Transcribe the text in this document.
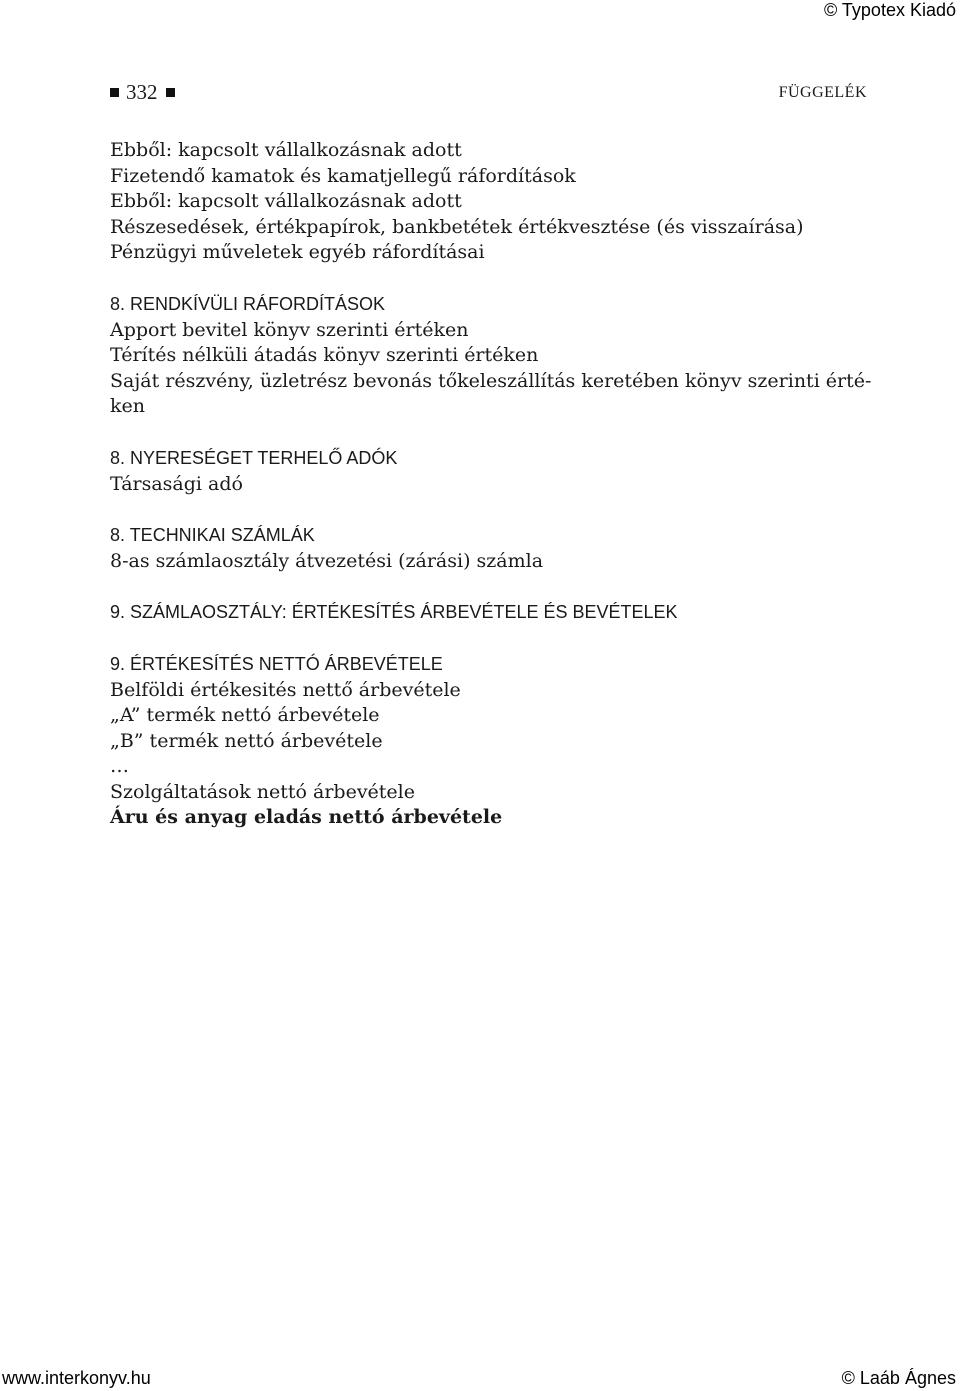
© Typotex Kiadó
332	FÜGGELÉK
Ebből: kapcsolt vállalkozásnak adott
Fizetendő kamatok és kamatjellegű ráfordítások
Ebből: kapcsolt vállalkozásnak adott
Részesedések, értékpapírok, bankbetétek értékvesztése (és visszaírása)
Pénzügyi műveletek egyéb ráfordításai
8. RENDKÍVÜLI RÁFORDÍTÁSOK
Apport bevitel könyv szerinti értéken
Térítés nélküli átadás könyv szerinti értéken
Saját részvény, üzletrész bevonás tőkeleszállítás keretében könyv szerinti érté-
ken
8. NYERESÉGET TERHELŐ ADÓK
Társasági adó
8. TECHNIKAI SZÁMLÁK
8-as számlaosztály átvezetési (zárási) számla
9. SZÁMLAOSZTÁLY: ÉRTÉKESÍTÉS ÁRBEVÉTELE ÉS BEVÉTELEK
9. ÉRTÉKESÍTÉS NETTÓ ÁRBEVÉTELE
Belföldi értékesités nettő árbevétele
„A” termék nettó árbevétele
„B” termék nettó árbevétele
…
Szolgáltatások nettó árbevétele
Áru és anyag eladás nettó árbevétele
www.interkonyv.hu	© Laáb Ágnes
